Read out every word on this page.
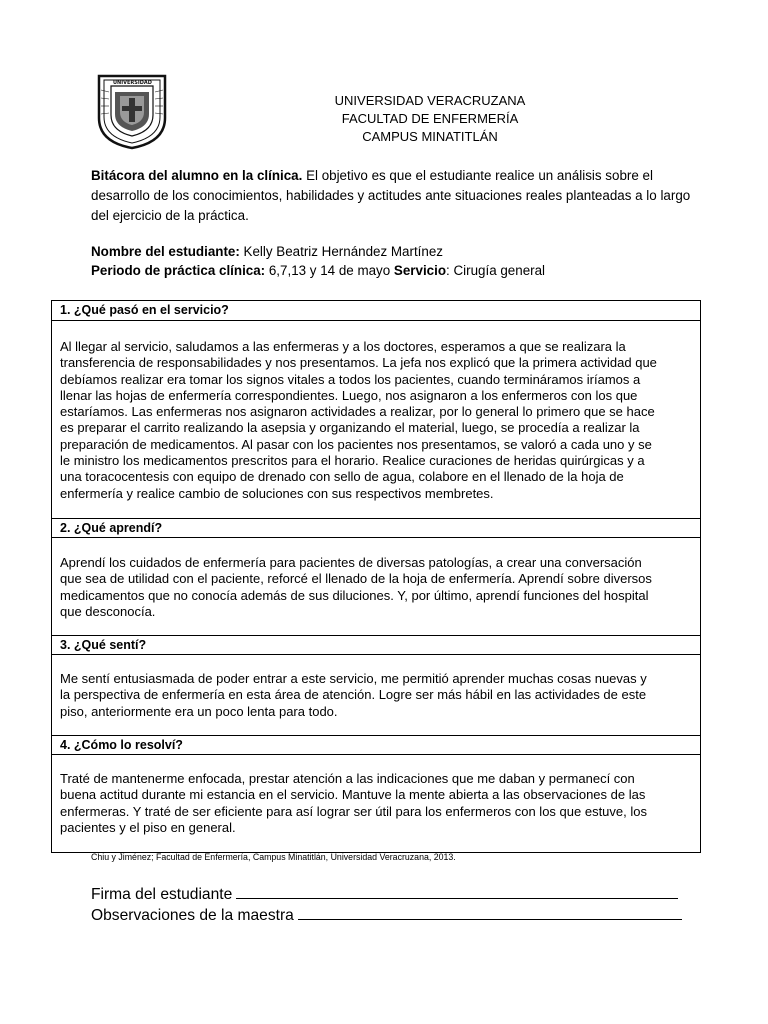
UNIVERSIDAD
UNIVERSIDAD VERACRUZANA
FACULTAD DE ENFERMERÍA
CAMPUS MINATITLÁN
Bitácora del alumno en la clínica. El objetivo es que el estudiante realice un análisis sobre el desarrollo de los conocimientos, habilidades y actitudes ante situaciones reales planteadas a lo largo del ejercicio de la práctica.
Nombre del estudiante: Kelly Beatriz Hernández Martínez
Periodo de práctica clínica: 6,7,13 y 14 de mayo Servicio: Cirugía general
1. ¿Qué pasó en el servicio?
Al llegar al servicio, saludamos a las enfermeras y a los doctores, esperamos a que se realizara la
transferencia de responsabilidades y nos presentamos. La jefa nos explicó que la primera actividad que
debíamos realizar era tomar los signos vitales a todos los pacientes, cuando termináramos iríamos a
llenar las hojas de enfermería correspondientes. Luego, nos asignaron a los enfermeros con los que
estaríamos. Las enfermeras nos asignaron actividades a realizar, por lo general lo primero que se hace
es preparar el carrito realizando la asepsia y organizando el material, luego, se procedía a realizar la
preparación de medicamentos. Al pasar con los pacientes nos presentamos, se valoró a cada uno y se
le ministro los medicamentos prescritos para el horario. Realice curaciones de heridas quirúrgicas y a
una toracocentesis con equipo de drenado con sello de agua, colabore en el llenado de la hoja de
enfermería y realice cambio de soluciones con sus respectivos membretes.
2. ¿Qué aprendí?
Aprendí los cuidados de enfermería para pacientes de diversas patologías, a crear una conversación
que sea de utilidad con el paciente, reforcé el llenado de la hoja de enfermería. Aprendí sobre diversos
medicamentos que no conocía además de sus diluciones. Y, por último, aprendí funciones del hospital
que desconocía.
3. ¿Qué sentí?
Me sentí entusiasmada de poder entrar a este servicio, me permitió aprender muchas cosas nuevas y
la perspectiva de enfermería en esta área de atención. Logre ser más hábil en las actividades de este
piso, anteriormente era un poco lenta para todo.
4. ¿Cómo lo resolví?
Traté de mantenerme enfocada, prestar atención a las indicaciones que me daban y permanecí con
buena actitud durante mi estancia en el servicio. Mantuve la mente abierta a las observaciones de las
enfermeras. Y traté de ser eficiente para así lograr ser útil para los enfermeros con los que estuve, los
pacientes y el piso en general.
Chiu y Jiménez; Facultad de Enfermería, Campus Minatitlán, Universidad Veracruzana, 2013.
Firma del estudiante
Observaciones de la maestra
